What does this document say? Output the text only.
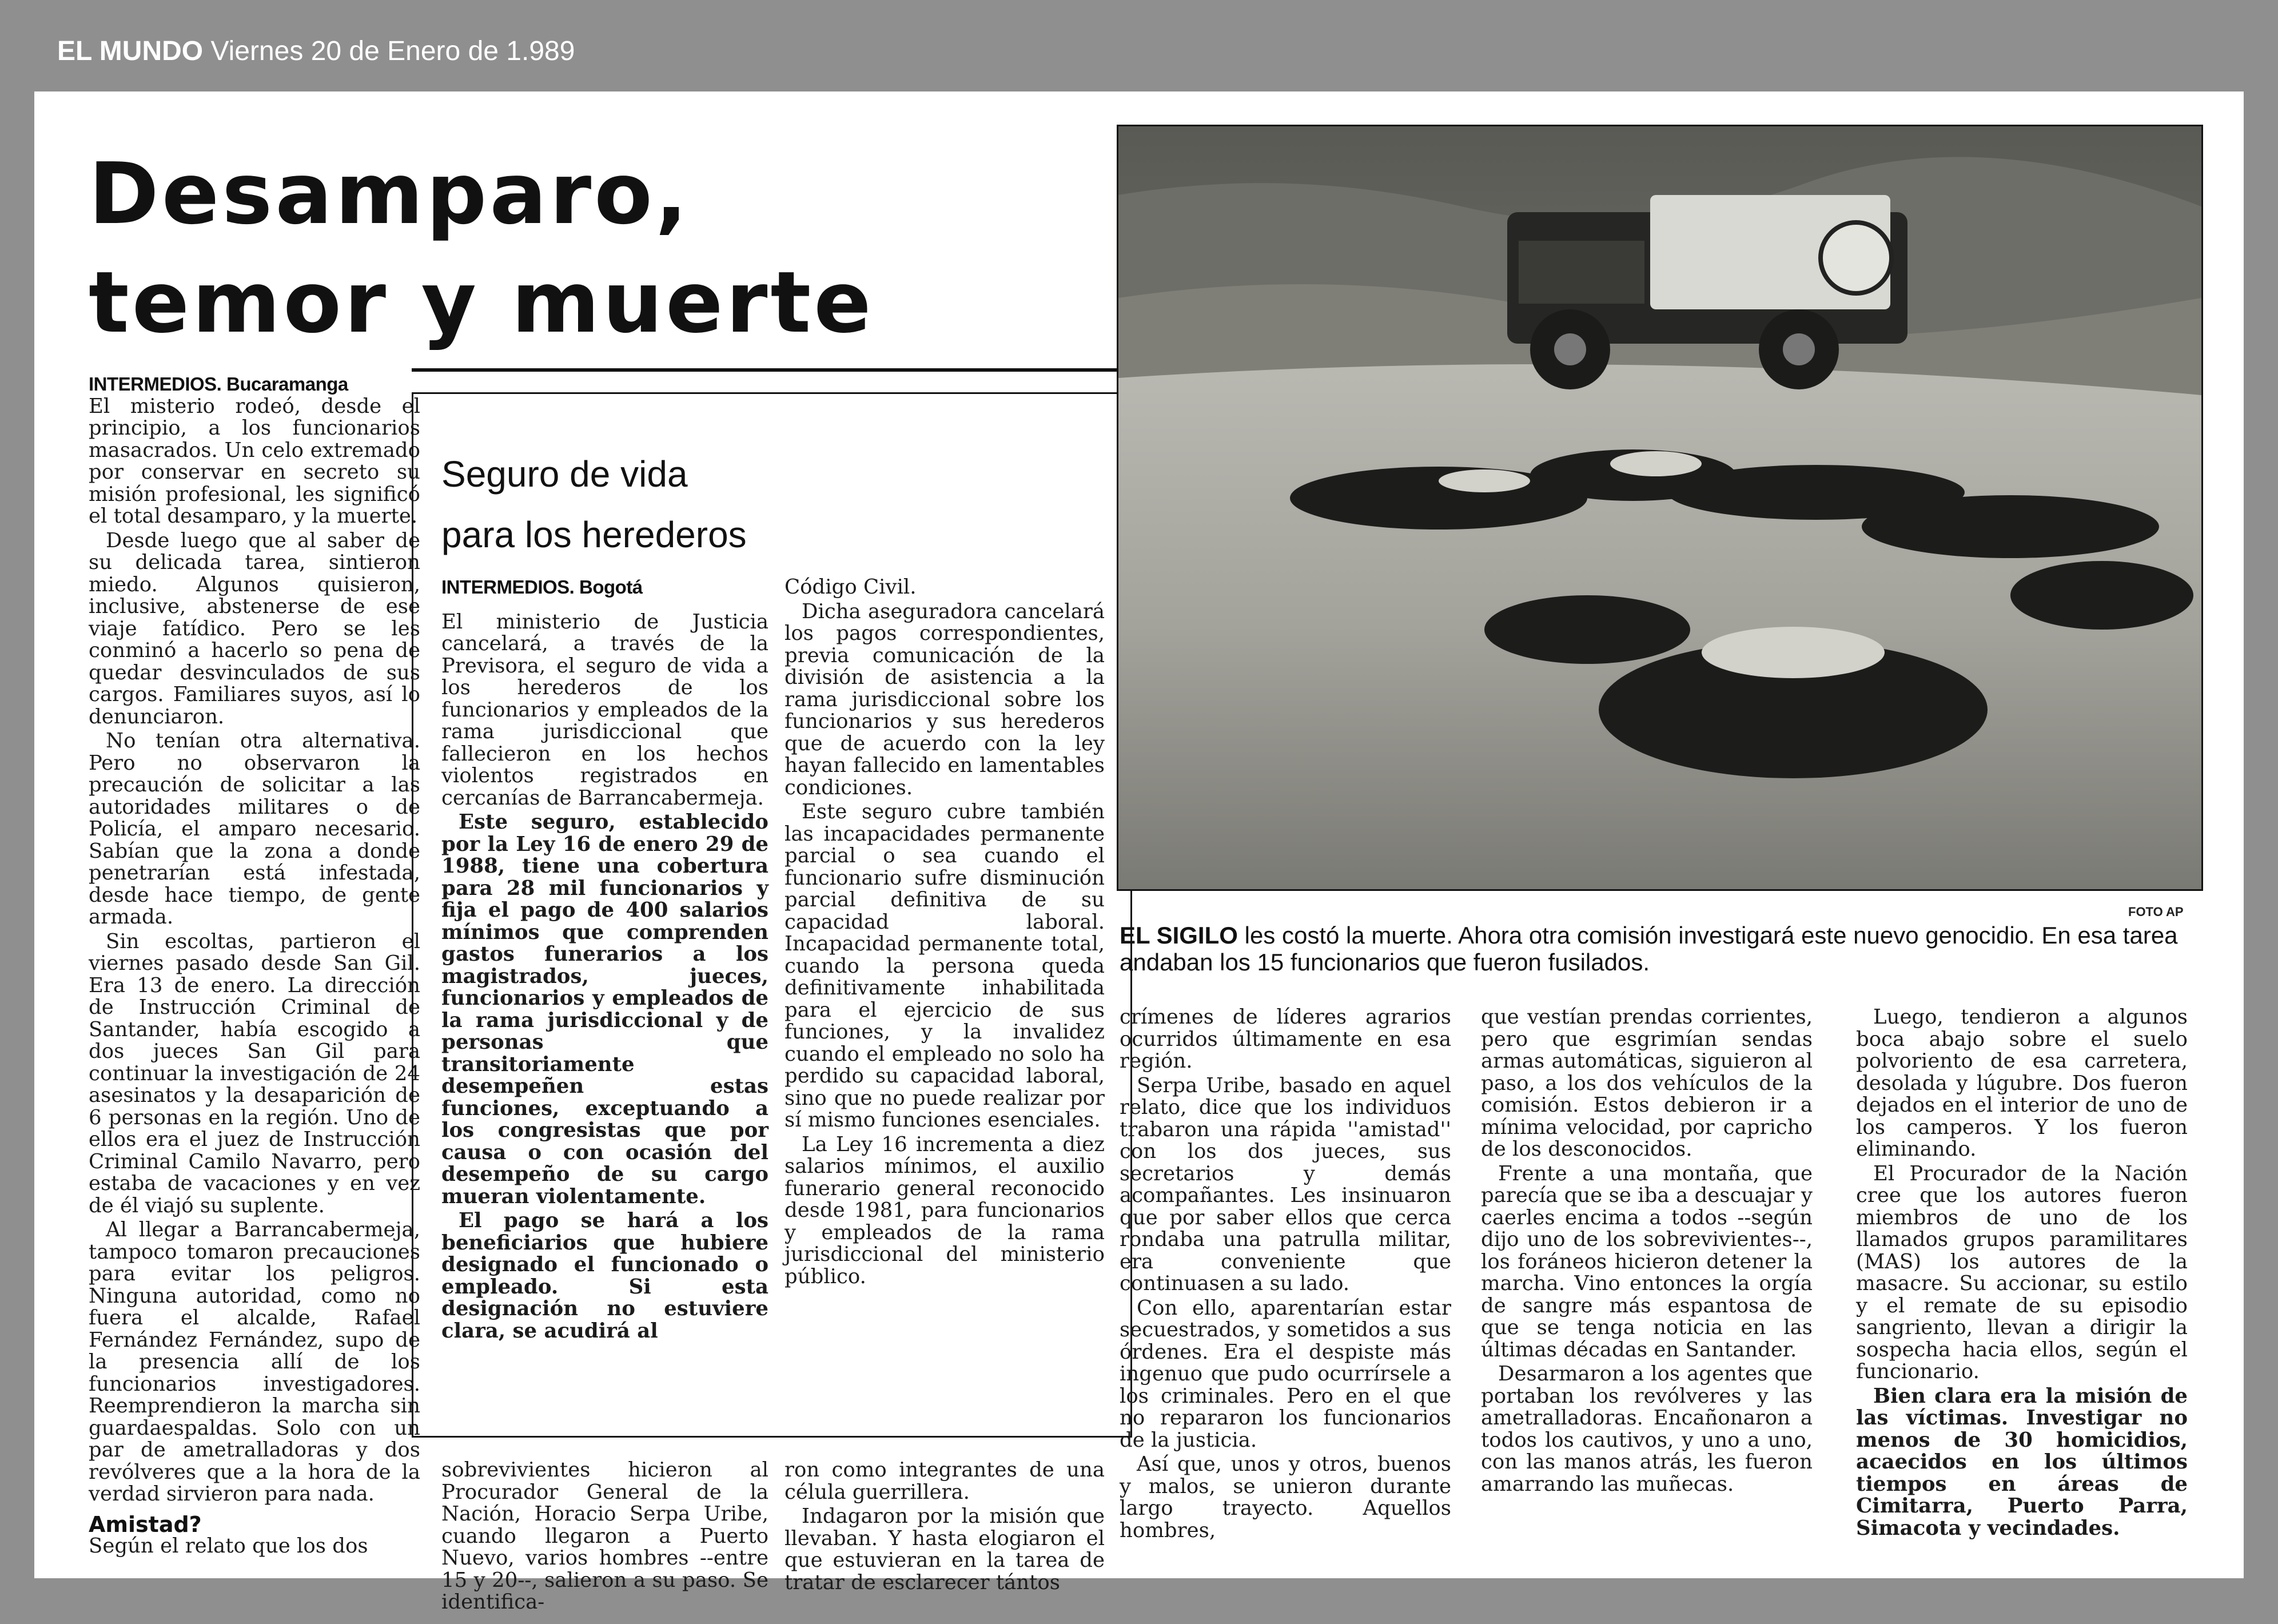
EL MUNDO Viernes 20 de Enero de 1.989
Desamparo,
temor y muerte
INTERMEDIOS. Bucaramanga

El misterio rodeó, desde el principio, a los funcionarios masacrados. Un celo extremado por conservar en secreto su misión profesional, les significó el total desamparo, y la muerte.

Desde luego que al saber de su delicada tarea, sintieron miedo. Algunos quisieron, inclusive, abstenerse de ese viaje fatídico. Pero se les conminó a hacerlo so pena de quedar desvinculados de sus cargos. Familiares suyos, así lo denunciaron.

No tenían otra alternativa. Pero no observaron la precaución de solicitar a las autoridades militares o de Policía, el amparo necesario. Sabían que la zona a donde penetrarían está infestada, desde hace tiempo, de gente armada.

Sin escoltas, partieron el viernes pasado desde San Gil. Era 13 de enero. La dirección de Instrucción Criminal de Santander, había escogido a dos jueces San Gil para continuar la investigación de 24 asesinatos y la desaparición de 6 personas en la región. Uno de ellos era el juez de Instrucción Criminal Camilo Navarro, pero estaba de vacaciones y en vez de él viajó su suplente.

Al llegar a Barrancabermeja, tampoco tomaron precauciones para evitar los peligros. Ninguna autoridad, como no fuera el alcalde, Rafael Fernández Fernández, supo de la presencia allí de los funcionarios investigadores. Reemprendieron la marcha sin guardaespaldas. Solo con un par de ametralladoras y dos revólveres que a la hora de la verdad sirvieron para nada.

Amistad?

Según el relato que los dos

Seguro de vida
para los herederos
INTERMEDIOS. Bogotá

El ministerio de Justicia cancelará, a través de la Previsora, el seguro de vida a los herederos de los funcionarios y empleados de la rama jurisdiccional que fallecieron en los hechos violentos registrados en cercanías de Barrancabermeja.

Este seguro, establecido por la Ley 16 de enero 29 de 1988, tiene una cobertura para 28 mil funcionarios y fija el pago de 400 salarios mínimos que comprenden gastos funerarios a los magistrados, jueces, funcionarios y empleados de la rama jurisdiccional y de personas que transitoriamente desempeñen estas funciones, exceptuando a los congresistas que por causa o con ocasión del desempeño de su cargo mueran violentamente.

El pago se hará a los beneficiarios que hubiere designado el funcionado o empleado. Si esta designación no estuviere clara, se acudirá al

Código Civil.

Dicha aseguradora cancelará los pagos correspondientes, previa comunicación de la división de asistencia a la rama jurisdiccional sobre los funcionarios y sus herederos que de acuerdo con la ley hayan fallecido en lamentables condiciones.

Este seguro cubre también las incapacidades permanente parcial o sea cuando el funcionario sufre disminución parcial definitiva de su capacidad laboral. Incapacidad permanente total, cuando la persona queda definitivamente inhabilitada para el ejercicio de sus funciones, y la invalidez cuando el empleado no solo ha perdido su capacidad laboral, sino que no puede realizar por sí mismo funciones esenciales.

La Ley 16 incrementa a diez salarios mínimos, el auxilio funerario general reconocido desde 1981, para funcionarios y empleados de la rama jurisdiccional del ministerio público.

sobrevivientes hicieron al Procurador General de la Nación, Horacio Serpa Uribe, cuando llegaron a Puerto Nuevo, varios hombres --entre 15 y 20--, salieron a su paso. Se identifica-

ron como integrantes de una célula guerrillera.

Indagaron por la misión que llevaban. Y hasta elogiaron el que estuvieran en la tarea de tratar de esclarecer tántos

FOTO AP
EL SIGILO les costó la muerte. Ahora otra comisión investigará este nuevo genocidio. En esa tarea andaban los 15 funcionarios que fueron fusilados.

crímenes de líderes agrarios ocurridos últimamente en esa región.

Serpa Uribe, basado en aquel relato, dice que los individuos trabaron una rápida ''amistad'' con los dos jueces, sus secretarios y demás acompañantes. Les insinuaron que por saber ellos que cerca rondaba una patrulla militar, era conveniente que continuasen a su lado.

Con ello, aparentarían estar secuestrados, y sometidos a sus órdenes. Era el despiste más ingenuo que pudo ocurrírsele a los criminales. Pero en el que no repararon los funcionarios de la justicia.

Así que, unos y otros, buenos y malos, se unieron durante largo trayecto. Aquellos hombres,

que vestían prendas corrientes, pero que esgrimían sendas armas automáticas, siguieron al paso, a los dos vehículos de la comisión. Estos debieron ir a mínima velocidad, por capricho de los desconocidos.

Frente a una montaña, que parecía que se iba a descuajar y caerles encima a todos --según dijo uno de los sobrevivientes--, los foráneos hicieron detener la marcha. Vino entonces la orgía de sangre más espantosa de que se tenga noticia en las últimas décadas en Santander.

Desarmaron a los agentes que portaban los revólveres y las ametralladoras. Encañonaron a todos los cautivos, y uno a uno, con las manos atrás, les fueron amarrando las muñecas.

Luego, tendieron a algunos boca abajo sobre el suelo polvoriento de esa carretera, desolada y lúgubre. Dos fueron dejados en el interior de uno de los camperos. Y los fueron eliminando.

El Procurador de la Nación cree que los autores fueron miembros de uno de los llamados grupos paramilitares (MAS) los autores de la masacre. Su accionar, su estilo y el remate de su episodio sangriento, llevan a dirigir la sospecha hacia ellos, según el funcionario.

Bien clara era la misión de las víctimas. Investigar no menos de 30 homicidios, acaecidos en los últimos tiempos en áreas de Cimitarra, Puerto Parra, Simacota y vecindades.
